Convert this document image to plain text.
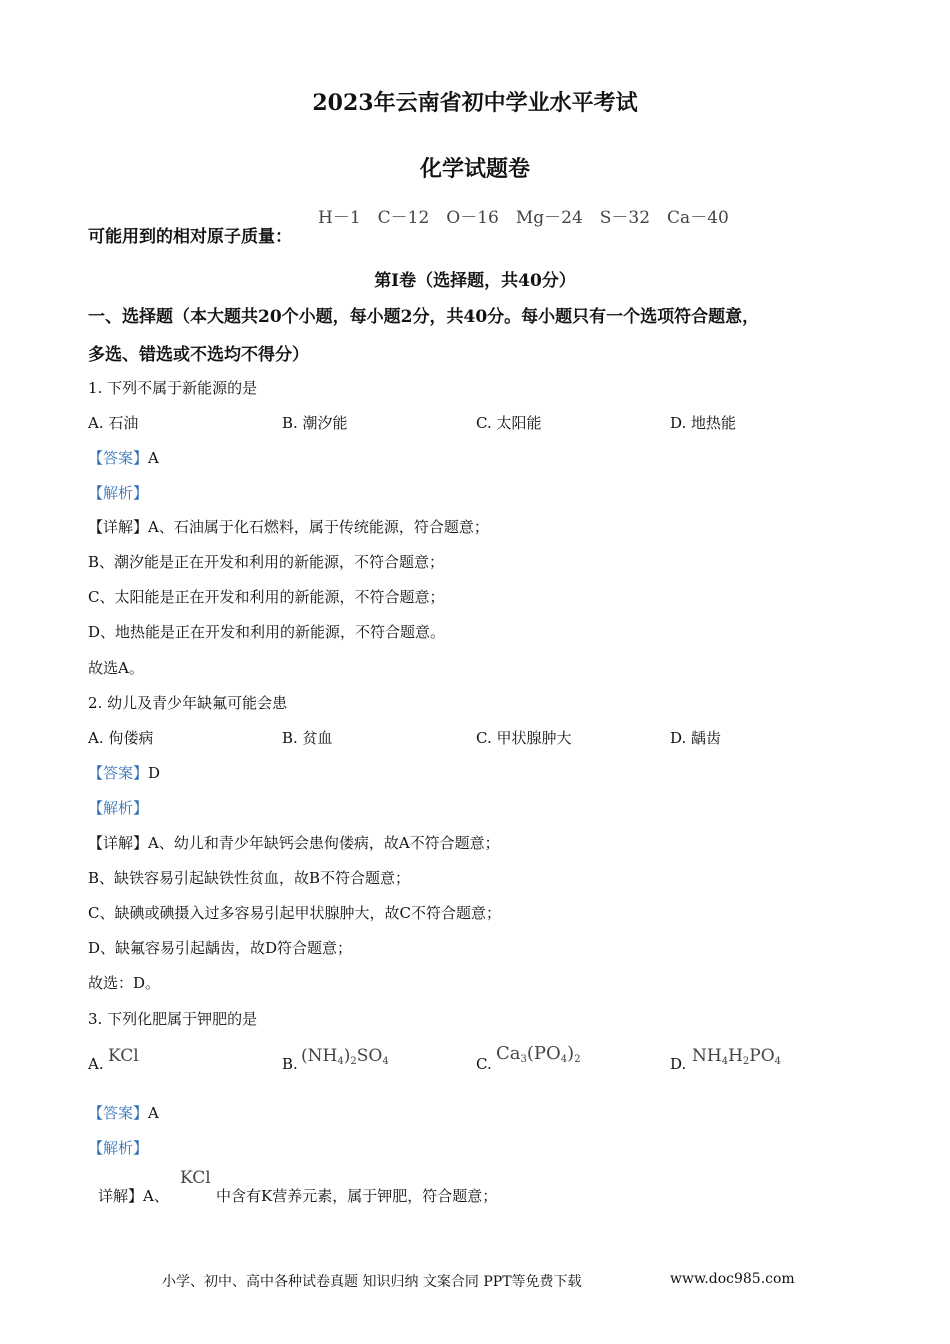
2023年云南省初中学业水平考试
化学试题卷
可能用到的相对原子质量：
H－1　C－12　O－16　Mg－24　S－32　Ca－40
第I卷（选择题，共40分）
一、选择题（本大题共20个小题，每小题2分，共40分。每小题只有一个选项符合题意，
多选、错选或不选均不得分）
1. 下列不属于新能源的是
A. 石油	B. 潮汐能	C. 太阳能	D. 地热能
【答案】A
【解析】
【详解】A、石油属于化石燃料，属于传统能源，符合题意；
B、潮汐能是正在开发和利用的新能源，不符合题意；
C、太阳能是正在开发和利用的新能源，不符合题意；
D、地热能是正在开发和利用的新能源，不符合题意。
故选A。
2. 幼儿及青少年缺氟可能会患
A. 佝偻病	B. 贫血	C. 甲状腺肿大	D. 龋齿
【答案】D
【解析】
【详解】A、幼儿和青少年缺钙会患佝偻病，故A不符合题意；
B、缺铁容易引起缺铁性贫血，故B不符合题意；
C、缺碘或碘摄入过多容易引起甲状腺肿大，故C不符合题意；
D、缺氟容易引起龋齿，故D符合题意；
故选：D。
3. 下列化肥属于钾肥的是
A. KCl	B. $(NH_4)_2SO_4$	C. $Ca_3(PO_4)_2$	D. $NH_4H_2PO_4$
【答案】A
【解析】
详解】A、
KCl
中含有K营养元素，属于钾肥，符合题意；
小学、初中、高中各种试卷真题 知识归纳 文案合同 PPT等免费下载	www.doc985.com
